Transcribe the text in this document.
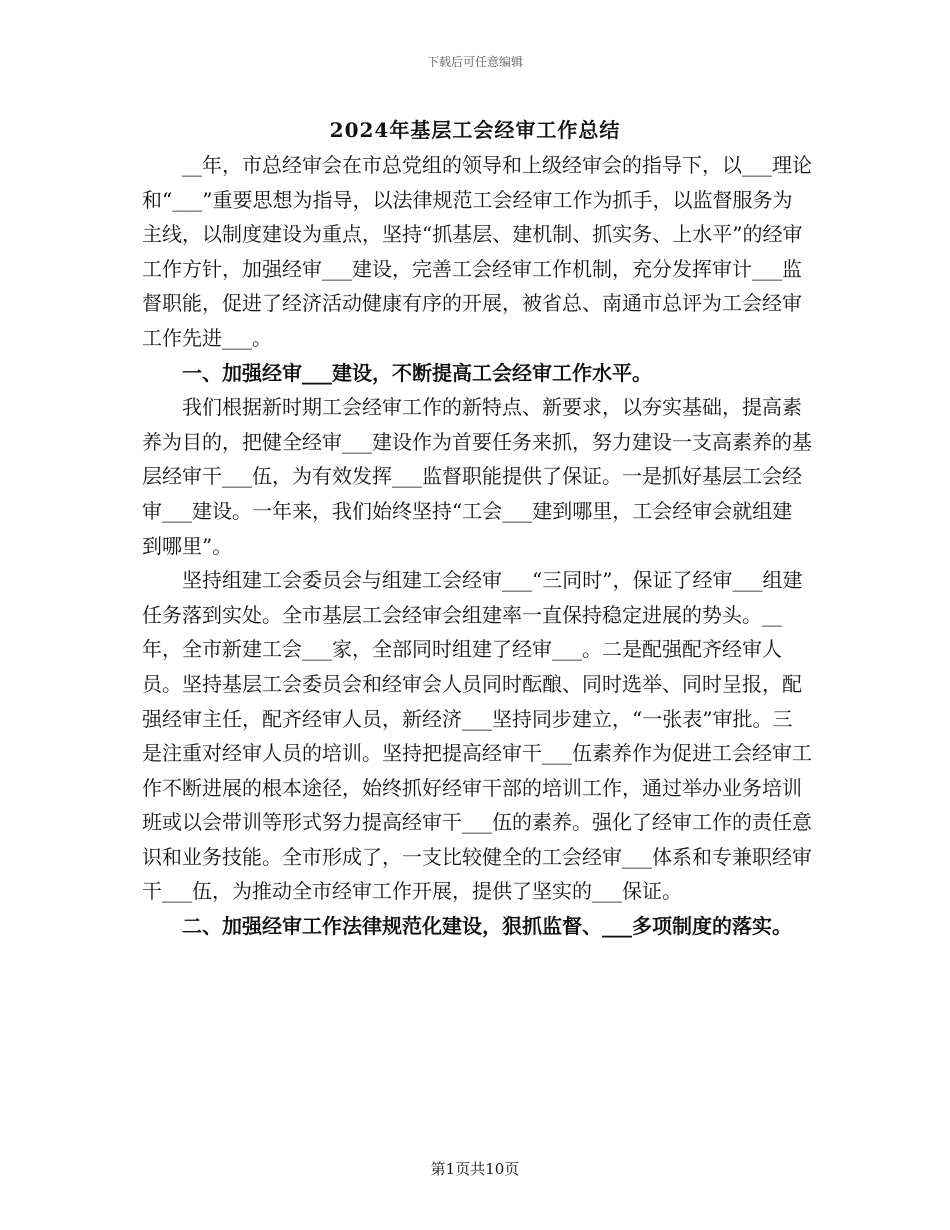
下载后可任意编辑
2024年基层工会经审工作总结

__年，市总经审会在市总党组的领导和上级经审会的指导下，以___理论和“___”重要思想为指导，以法律规范工会经审工作为抓手，以监督服务为主线，以制度建设为重点，坚持“抓基层、建机制、抓实务、上水平”的经审工作方针，加强经审___建设，完善工会经审工作机制，充分发挥审计___监督职能，促进了经济活动健康有序的开展，被省总、南通市总评为工会经审工作先进___。

一、加强经审___建设，不断提高工会经审工作水平。

我们根据新时期工会经审工作的新特点、新要求，以夯实基础，提高素养为目的，把健全经审___建设作为首要任务来抓，努力建设一支高素养的基层经审干___伍，为有效发挥___监督职能提供了保证。一是抓好基层工会经审___建设。一年来，我们始终坚持“工会___建到哪里，工会经审会就组建到哪里”。

坚持组建工会委员会与组建工会经审___“三同时”，保证了经审___组建任务落到实处。全市基层工会经审会组建率一直保持稳定进展的势头。__年，全市新建工会___家，全部同时组建了经审___。二是配强配齐经审人员。坚持基层工会委员会和经审会人员同时酝酿、同时选举、同时呈报，配强经审主任，配齐经审人员，新经济___坚持同步建立，“一张表”审批。三是注重对经审人员的培训。坚持把提高经审干___伍素养作为促进工会经审工作不断进展的根本途径，始终抓好经审干部的培训工作，通过举办业务培训班或以会带训等形式努力提高经审干___伍的素养。强化了经审工作的责任意识和业务技能。全市形成了，一支比较健全的工会经审___体系和专兼职经审干___伍，为推动全市经审工作开展，提供了坚实的___保证。

二、加强经审工作法律规范化建设，狠抓监督、___多项制度的落实。

第1页共10页
